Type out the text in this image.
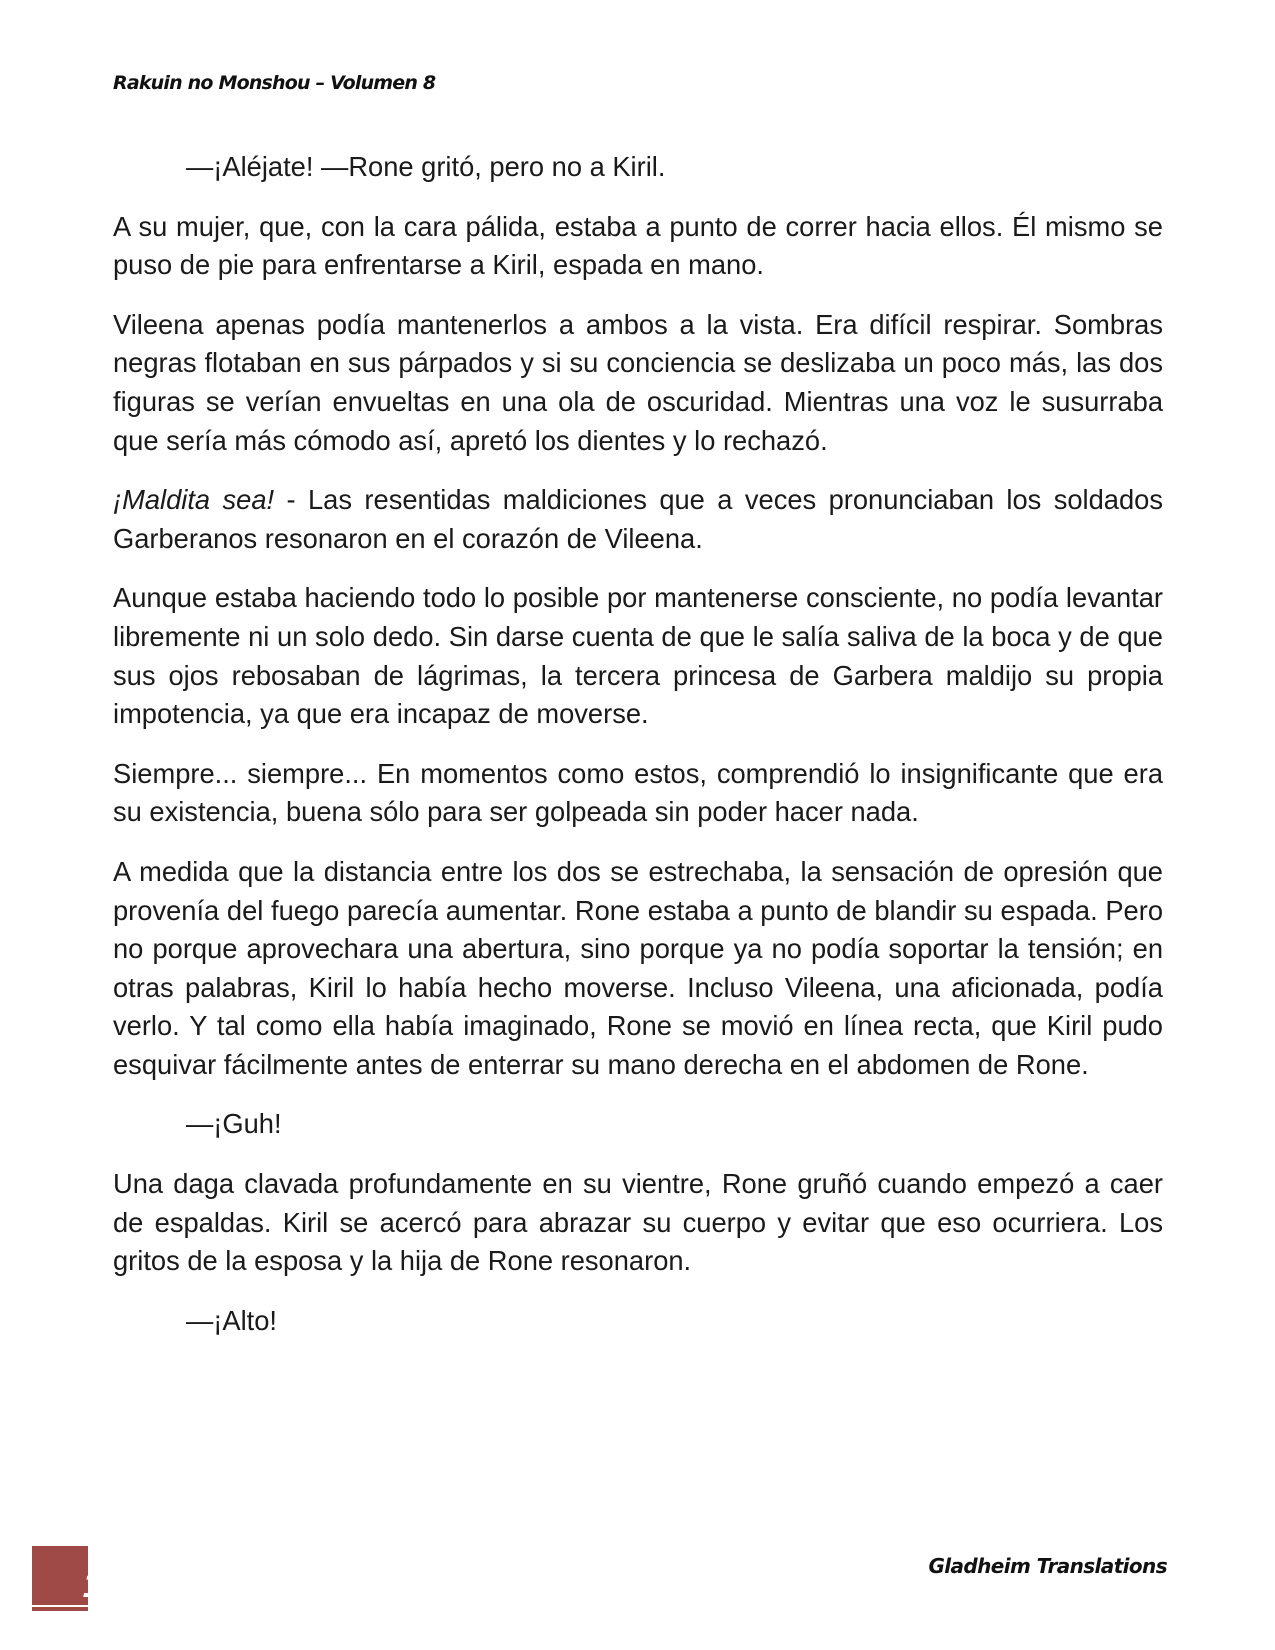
Rakuin no Monshou – Volumen 8

—¡Aléjate! —Rone gritó, pero no a Kiril.

A su mujer, que, con la cara pálida, estaba a punto de correr hacia ellos. Él mismo se puso de pie para enfrentarse a Kiril, espada en mano.

Vileena apenas podía mantenerlos a ambos a la vista. Era difícil respirar. Sombras negras flotaban en sus párpados y si su conciencia se deslizaba un poco más, las dos figuras se verían envueltas en una ola de oscuridad. Mientras una voz le susurraba que sería más cómodo así, apretó los dientes y lo rechazó.

¡Maldita sea! - Las resentidas maldiciones que a veces pronunciaban los soldados Garberanos resonaron en el corazón de Vileena.

Aunque estaba haciendo todo lo posible por mantenerse consciente, no podía levantar libremente ni un solo dedo. Sin darse cuenta de que le salía saliva de la boca y de que sus ojos rebosaban de lágrimas, la tercera princesa de Garbera maldijo su propia impotencia, ya que era incapaz de moverse.

Siempre... siempre... En momentos como estos, comprendió lo insignificante que era su existencia, buena sólo para ser golpeada sin poder hacer nada.

A medida que la distancia entre los dos se estrechaba, la sensación de opresión que provenía del fuego parecía aumentar. Rone estaba a punto de blandir su espada. Pero no porque aprovechara una abertura, sino porque ya no podía soportar la tensión; en otras palabras, Kiril lo había hecho moverse. Incluso Vileena, una aficionada, podía verlo. Y tal como ella había imaginado, Rone se movió en línea recta, que Kiril pudo esquivar fácilmente antes de enterrar su mano derecha en el abdomen de Rone.

—¡Guh!

Una daga clavada profundamente en su vientre, Rone gruñó cuando empezó a caer de espaldas. Kiril se acercó para abrazar su cuerpo y evitar que eso ocurriera. Los gritos de la esposa y la hija de Rone resonaron.

—¡Alto!

14
Gladheim Translations
